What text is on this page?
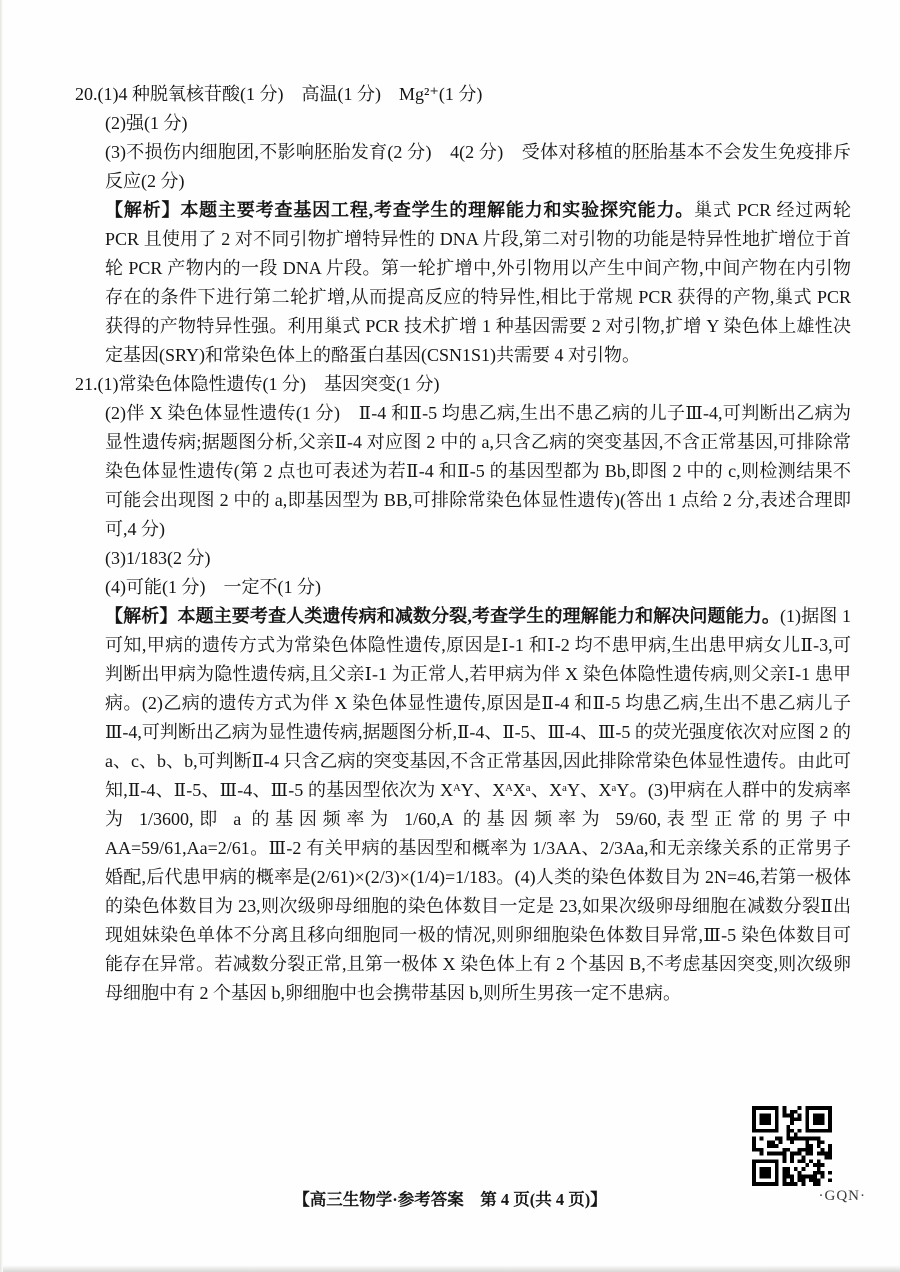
20.(1)4 种脱氧核苷酸(1 分)　高温(1 分)　Mg²⁺(1 分)

(2)强(1 分)

(3)不损伤内细胞团,不影响胚胎发育(2 分)　4(2 分)　受体对移植的胚胎基本不会发生免疫排斥反应(2 分)

【解析】本题主要考查基因工程,考查学生的理解能力和实验探究能力。巢式 PCR 经过两轮 PCR 且使用了 2 对不同引物扩增特异性的 DNA 片段,第二对引物的功能是特异性地扩增位于首轮 PCR 产物内的一段 DNA 片段。第一轮扩增中,外引物用以产生中间产物,中间产物在内引物存在的条件下进行第二轮扩增,从而提高反应的特异性,相比于常规 PCR 获得的产物,巢式 PCR 获得的产物特异性强。利用巢式 PCR 技术扩增 1 种基因需要 2 对引物,扩增 Y 染色体上雄性决定基因(SRY)和常染色体上的酪蛋白基因(CSN1S1)共需要 4 对引物。

21.(1)常染色体隐性遗传(1 分)　基因突变(1 分)

(2)伴 X 染色体显性遗传(1 分)　Ⅱ-4 和Ⅱ-5 均患乙病,生出不患乙病的儿子Ⅲ-4,可判断出乙病为显性遗传病;据题图分析,父亲Ⅱ-4 对应图 2 中的 a,只含乙病的突变基因,不含正常基因,可排除常染色体显性遗传(第 2 点也可表述为若Ⅱ-4 和Ⅱ-5 的基因型都为 Bb,即图 2 中的 c,则检测结果不可能会出现图 2 中的 a,即基因型为 BB,可排除常染色体显性遗传)(答出 1 点给 2 分,表述合理即可,4 分)

(3)1/183(2 分)

(4)可能(1 分)　一定不(1 分)

【解析】本题主要考查人类遗传病和减数分裂,考查学生的理解能力和解决问题能力。(1)据图 1 可知,甲病的遗传方式为常染色体隐性遗传,原因是Ⅰ-1 和Ⅰ-2 均不患甲病,生出患甲病女儿Ⅱ-3,可判断出甲病为隐性遗传病,且父亲Ⅰ-1 为正常人,若甲病为伴 X 染色体隐性遗传病,则父亲Ⅰ-1 患甲病。(2)乙病的遗传方式为伴 X 染色体显性遗传,原因是Ⅱ-4 和Ⅱ-5 均患乙病,生出不患乙病儿子Ⅲ-4,可判断出乙病为显性遗传病,据题图分析,Ⅱ-4、Ⅱ-5、Ⅲ-4、Ⅲ-5 的荧光强度依次对应图 2 的 a、c、b、b,可判断Ⅱ-4 只含乙病的突变基因,不含正常基因,因此排除常染色体显性遗传。由此可知,Ⅱ-4、Ⅱ-5、Ⅲ-4、Ⅲ-5 的基因型依次为 XᴬY、XᴬXᵃ、XᵃY、XᵃY。(3)甲病在人群中的发病率为 1/3600,即 a 的基因频率为 1/60,A 的基因频率为 59/60,表型正常的男子中 AA=59/61,Aa=2/61。Ⅲ-2 有关甲病的基因型和概率为 1/3AA、2/3Aa,和无亲缘关系的正常男子婚配,后代患甲病的概率是(2/61)×(2/3)×(1/4)=1/183。(4)人类的染色体数目为 2N=46,若第一极体的染色体数目为 23,则次级卵母细胞的染色体数目一定是 23,如果次级卵母细胞在减数分裂Ⅱ出现姐妹染色单体不分离且移向细胞同一极的情况,则卵细胞染色体数目异常,Ⅲ-5 染色体数目可能存在异常。若减数分裂正常,且第一极体 X 染色体上有 2 个基因 B,不考虑基因突变,则次级卵母细胞中有 2 个基因 b,卵细胞中也会携带基因 b,则所生男孩一定不患病。

【高三生物学·参考答案　第 4 页(共 4 页)】	·GQN·
